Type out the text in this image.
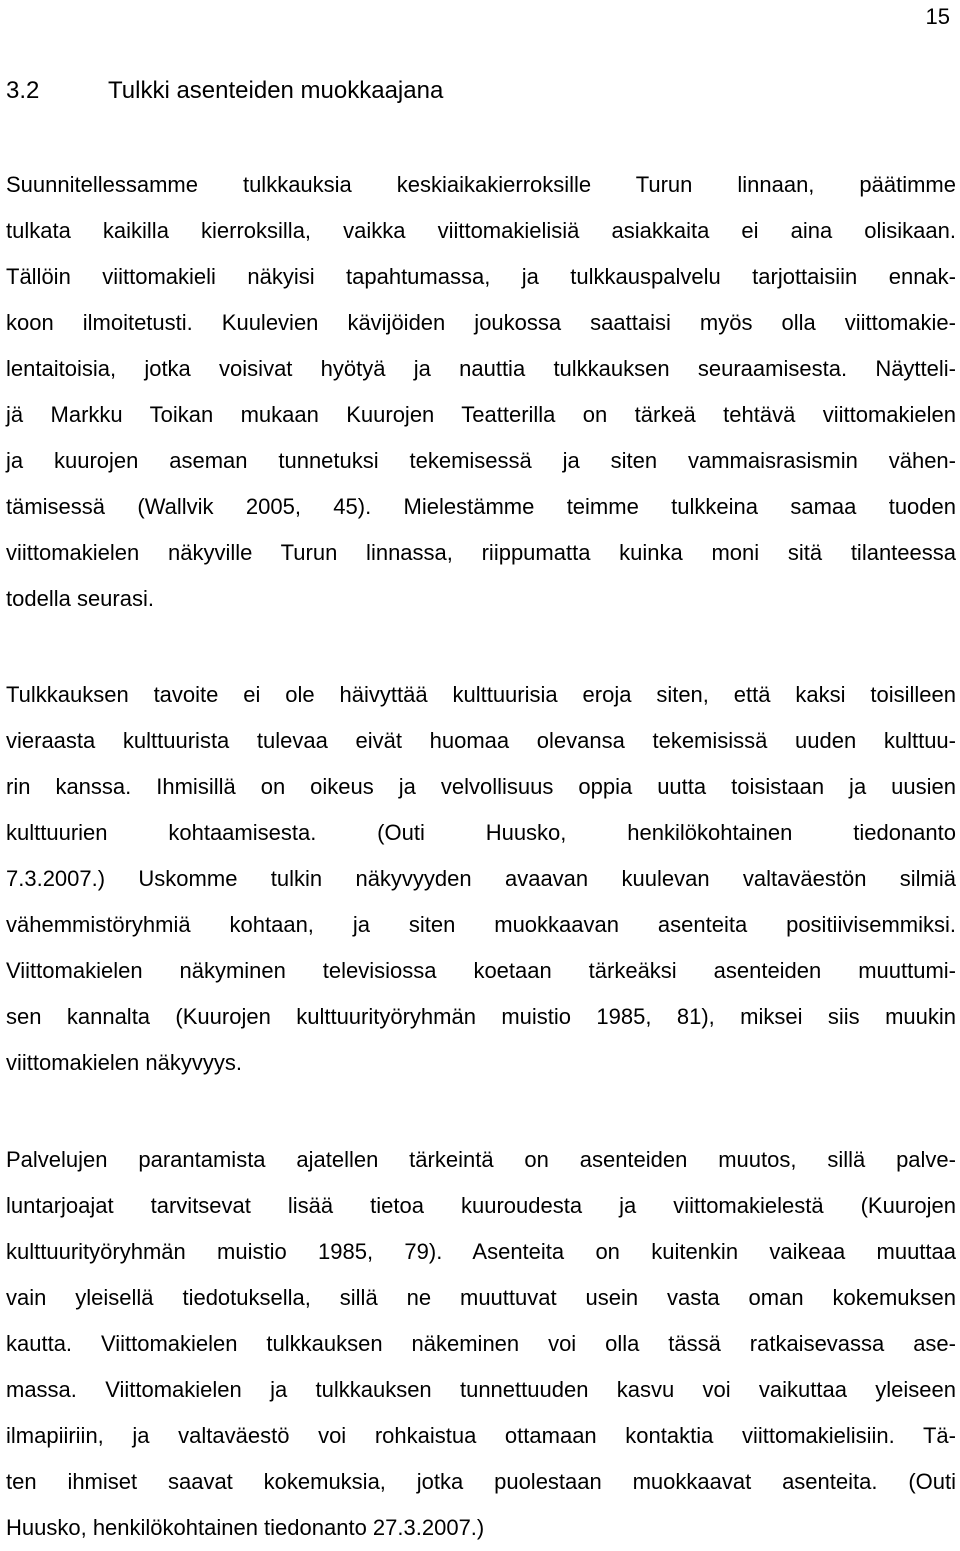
15
3.2	Tulkki asenteiden muokkaajana
Suunnitellessamme tulkkauksia keskiaikakierroksille Turun linnaan, päätimme
tulkata kaikilla kierroksilla, vaikka viittomakielisiä asiakkaita ei aina olisikaan.
Tällöin viittomakieli näkyisi tapahtumassa, ja tulkkauspalvelu tarjottaisiin ennak-
koon ilmoitetusti. Kuulevien kävijöiden joukossa saattaisi myös olla viittomakie-
lentaitoisia, jotka voisivat hyötyä ja nauttia tulkkauksen seuraamisesta. Näytteli-
jä Markku Toikan mukaan Kuurojen Teatterilla on tärkeä tehtävä viittomakielen
ja kuurojen aseman tunnetuksi tekemisessä ja siten vammaisrasismin vähen-
tämisessä (Wallvik 2005, 45). Mielestämme teimme tulkkeina samaa tuoden
viittomakielen näkyville Turun linnassa, riippumatta kuinka moni sitä tilanteessa
todella seurasi.
Tulkkauksen tavoite ei ole häivyttää kulttuurisia eroja siten, että kaksi toisilleen
vieraasta kulttuurista tulevaa eivät huomaa olevansa tekemisissä uuden kulttuu-
rin kanssa. Ihmisillä on oikeus ja velvollisuus oppia uutta toisistaan ja uusien
kulttuurien kohtaamisesta. (Outi Huusko, henkilökohtainen tiedonanto
7.3.2007.) Uskomme tulkin näkyvyyden avaavan kuulevan valtaväestön silmiä
vähemmistöryhmiä kohtaan, ja siten muokkaavan asenteita positiivisemmiksi.
Viittomakielen näkyminen televisiossa koetaan tärkeäksi asenteiden muuttumi-
sen kannalta (Kuurojen kulttuurityöryhmän muistio 1985, 81), miksei siis muukin
viittomakielen näkyvyys.
Palvelujen parantamista ajatellen tärkeintä on asenteiden muutos, sillä palve-
luntarjoajat tarvitsevat lisää tietoa kuuroudesta ja viittomakielestä (Kuurojen
kulttuurityöryhmän muistio 1985, 79). Asenteita on kuitenkin vaikeaa muuttaa
vain yleisellä tiedotuksella, sillä ne muuttuvat usein vasta oman kokemuksen
kautta. Viittomakielen tulkkauksen näkeminen voi olla tässä ratkaisevassa ase-
massa. Viittomakielen ja tulkkauksen tunnettuuden kasvu voi vaikuttaa yleiseen
ilmapiiriin, ja valtaväestö voi rohkaistua ottamaan kontaktia viittomakielisiin. Tä-
ten ihmiset saavat kokemuksia, jotka puolestaan muokkaavat asenteita. (Outi
Huusko, henkilökohtainen tiedonanto 27.3.2007.)
